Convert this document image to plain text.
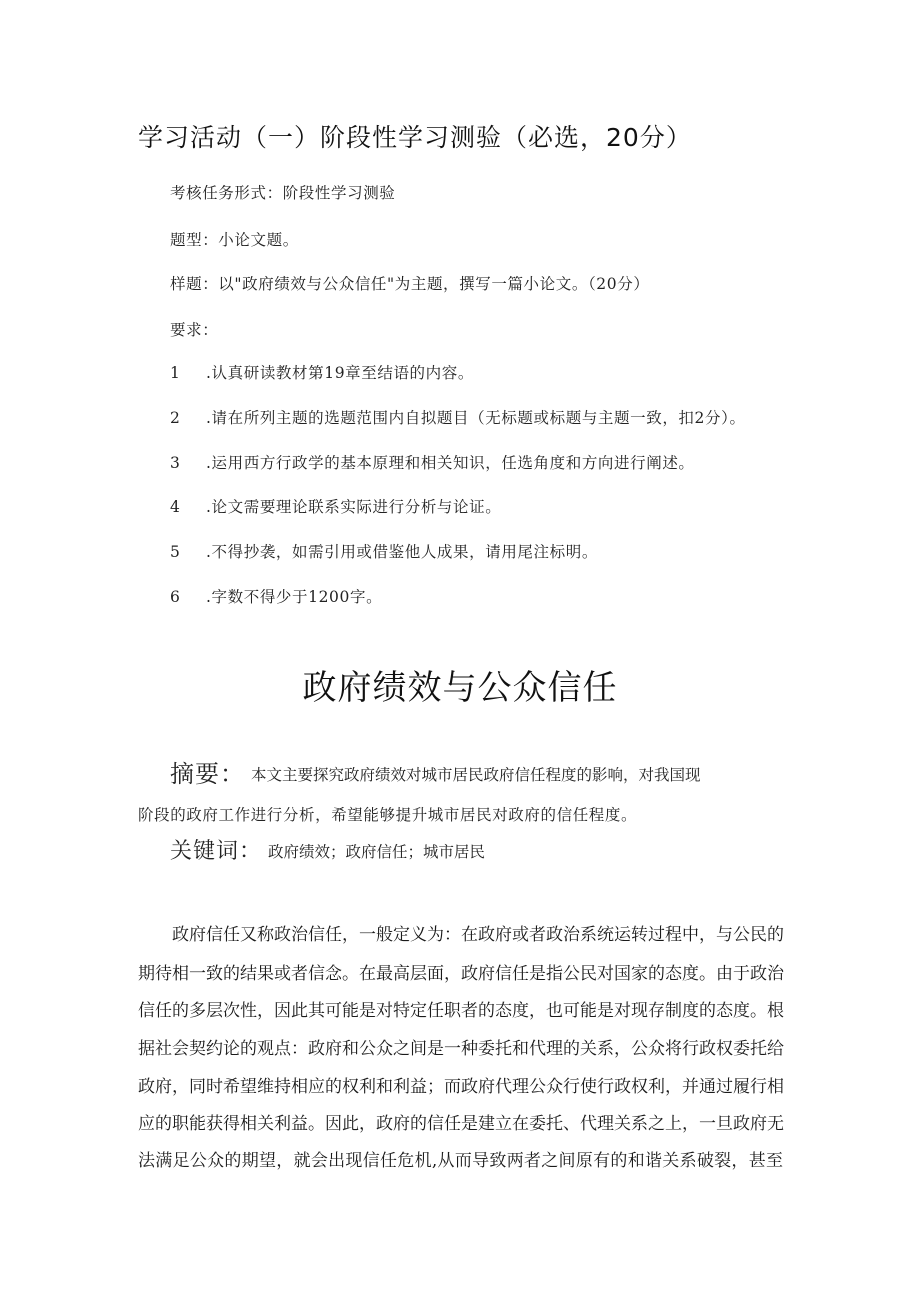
学习活动（一）阶段性学习测验（必选，20分）
考核任务形式：阶段性学习测验
题型：小论文题。
样题：以"政府绩效与公众信任"为主题，撰写一篇小论文。（20分）
要求：
1 .认真研读教材第19章至结语的内容。
2 .请在所列主题的选题范围内自拟题目（无标题或标题与主题一致，扣2分）。
3 .运用西方行政学的基本原理和相关知识，任选角度和方向进行阐述。
4 .论文需要理论联系实际进行分析与论证。
5 .不得抄袭，如需引用或借鉴他人成果，请用尾注标明。
6 .字数不得少于1200字。
政府绩效与公众信任
摘要： 本文主要探究政府绩效对城市居民政府信任程度的影响，对我国现
阶段的政府工作进行分析，希望能够提升城市居民对政府的信任程度。
关键词： 政府绩效；政府信任；城市居民
政府信任又称政治信任，一般定义为：在政府或者政治系统运转过程中，与公民的
期待相一致的结果或者信念。在最高层面，政府信任是指公民对国家的态度。由于政治
信任的多层次性，因此其可能是对特定任职者的态度，也可能是对现存制度的态度。根
据社会契约论的观点：政府和公众之间是一种委托和代理的关系，公众将行政权委托给
政府，同时希望维持相应的权利和利益；而政府代理公众行使行政权利，并通过履行相
应的职能获得相关利益。因此，政府的信任是建立在委托、代理关系之上，一旦政府无
法满足公众的期望，就会出现信任危机,从而导致两者之间原有的和谐关系破裂，甚至
